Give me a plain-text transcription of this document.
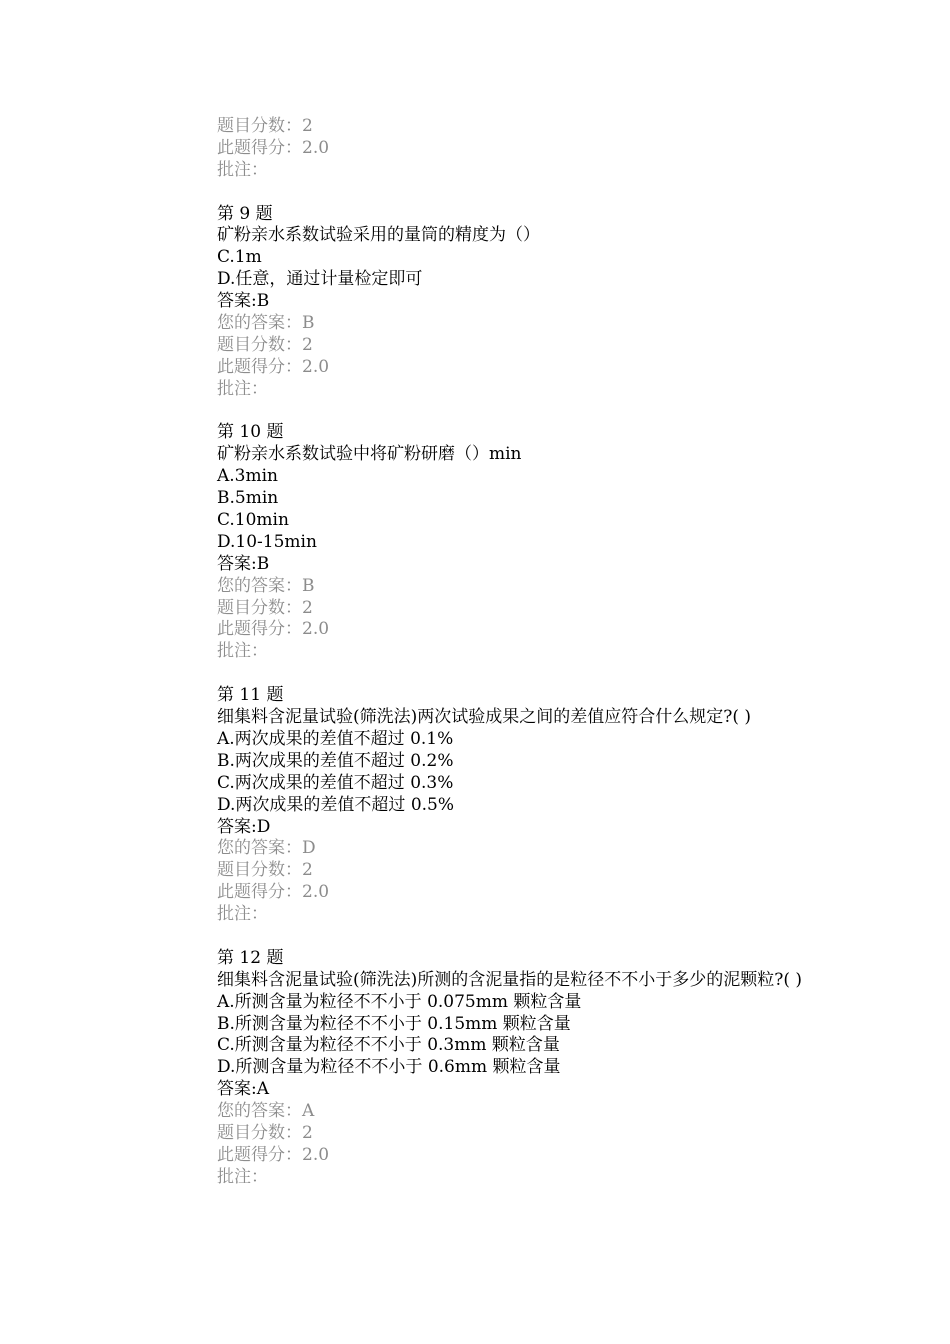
题目分数：2
此题得分：2.0
批注：
第 9 题
矿粉亲水系数试验采用的量筒的精度为（）
C.1m
D.任意，通过计量检定即可
答案:B
您的答案：B
题目分数：2
此题得分：2.0
批注：
第 10 题
矿粉亲水系数试验中将矿粉研磨（）min
A.3min
B.5min
C.10min
D.10-15min
答案:B
您的答案：B
题目分数：2
此题得分：2.0
批注：
第 11 题
细集料含泥量试验(筛洗法)两次试验成果之间的差值应符合什么规定?( )
A.两次成果的差值不超过 0.1%
B.两次成果的差值不超过 0.2%
C.两次成果的差值不超过 0.3%
D.两次成果的差值不超过 0.5%
答案:D
您的答案：D
题目分数：2
此题得分：2.0
批注：
第 12 题
细集料含泥量试验(筛洗法)所测的含泥量指的是粒径不不小于多少的泥颗粒?( )
A.所测含量为粒径不不小于 0.075mm 颗粒含量
B.所测含量为粒径不不小于 0.15mm 颗粒含量
C.所测含量为粒径不不小于 0.3mm 颗粒含量
D.所测含量为粒径不不小于 0.6mm 颗粒含量
答案:A
您的答案：A
题目分数：2
此题得分：2.0
批注：
